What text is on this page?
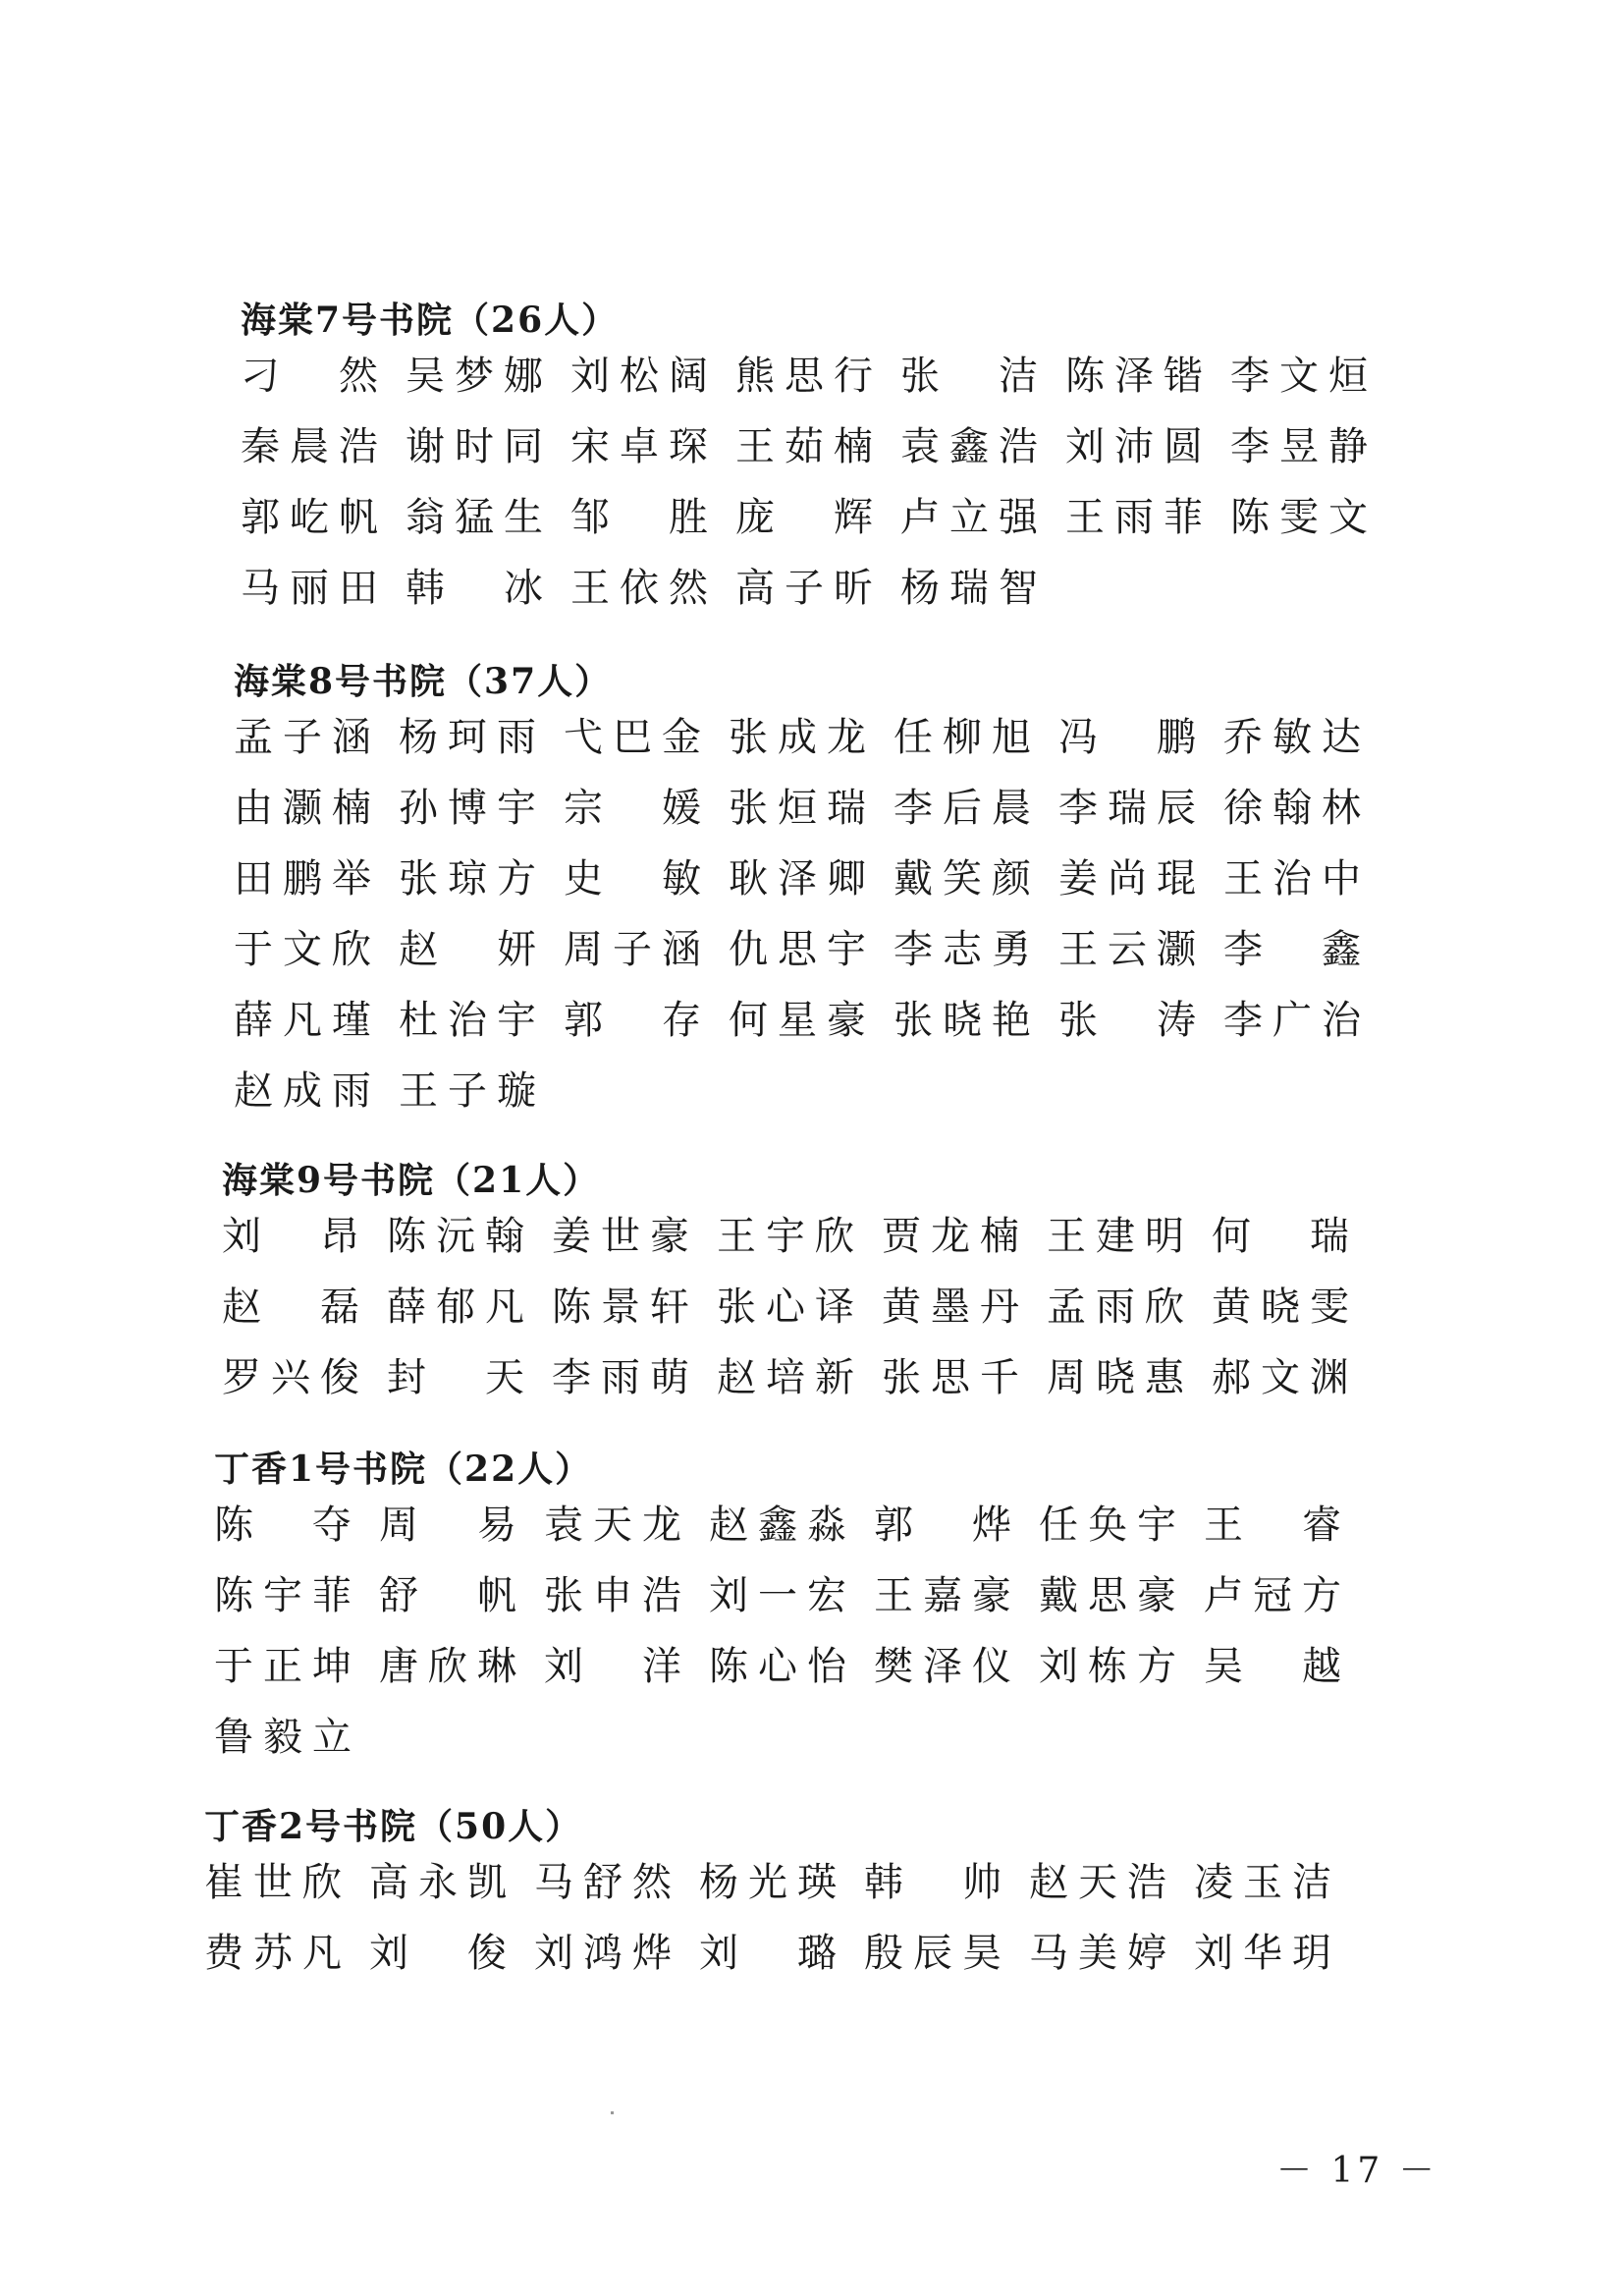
海棠7号书院（26人）
刁 然 吴 梦 娜 刘 松 阔 熊 思 行 张 洁 陈 泽 锴 李 文 烜
秦 晨 浩 谢 时 同 宋 卓 琛 王 茹 楠 袁 鑫 浩 刘 沛 圆 李 昱 静
郭 屹 帆 翁 猛 生 邹 胜 庞 辉 卢 立 强 王 雨 菲 陈 雯 文
马 丽 田 韩 冰 王 依 然 高 子 昕 杨 瑞 智
海棠8号书院（37人）
孟 子 涵 杨 珂 雨 弋 巴 金 张 成 龙 任 柳 旭 冯 鹏 乔 敏 达
由 灏 楠 孙 博 宇 宗 媛 张 烜 瑞 李 后 晨 李 瑞 辰 徐 翰 林
田 鹏 举 张 琼 方 史 敏 耿 泽 卿 戴 笑 颜 姜 尚 琨 王 治 中
于 文 欣 赵 妍 周 子 涵 仇 思 宇 李 志 勇 王 云 灏 李 鑫
薛 凡 瑾 杜 治 宇 郭 存 何 星 豪 张 晓 艳 张 涛 李 广 治
赵 成 雨 王 子 璇
海棠9号书院（21人）
刘 昂 陈 沅 翰 姜 世 豪 王 宇 欣 贾 龙 楠 王 建 明 何 瑞
赵 磊 薛 郁 凡 陈 景 轩 张 心 译 黄 墨 丹 孟 雨 欣 黄 晓 雯
罗 兴 俊 封 天 李 雨 萌 赵 培 新 张 思 千 周 晓 惠 郝 文 渊
丁香1号书院（22人）
陈 夺 周 易 袁 天 龙 赵 鑫 淼 郭 烨 任 奂 宇 王 睿
陈 宇 菲 舒 帆 张 申 浩 刘 一 宏 王 嘉 豪 戴 思 豪 卢 冠 方
于 正 坤 唐 欣 琳 刘 洋 陈 心 怡 樊 泽 仪 刘 栋 方 吴 越
鲁 毅 立
丁香2号书院（50人）
崔 世 欣 高 永 凯 马 舒 然 杨 光 瑛 韩 帅 赵 天 浩 凌 玉 洁
费 苏 凡 刘 俊 刘 鸿 烨 刘 璐 殷 辰 昊 马 美 婷 刘 华 玥
－ 17 －
